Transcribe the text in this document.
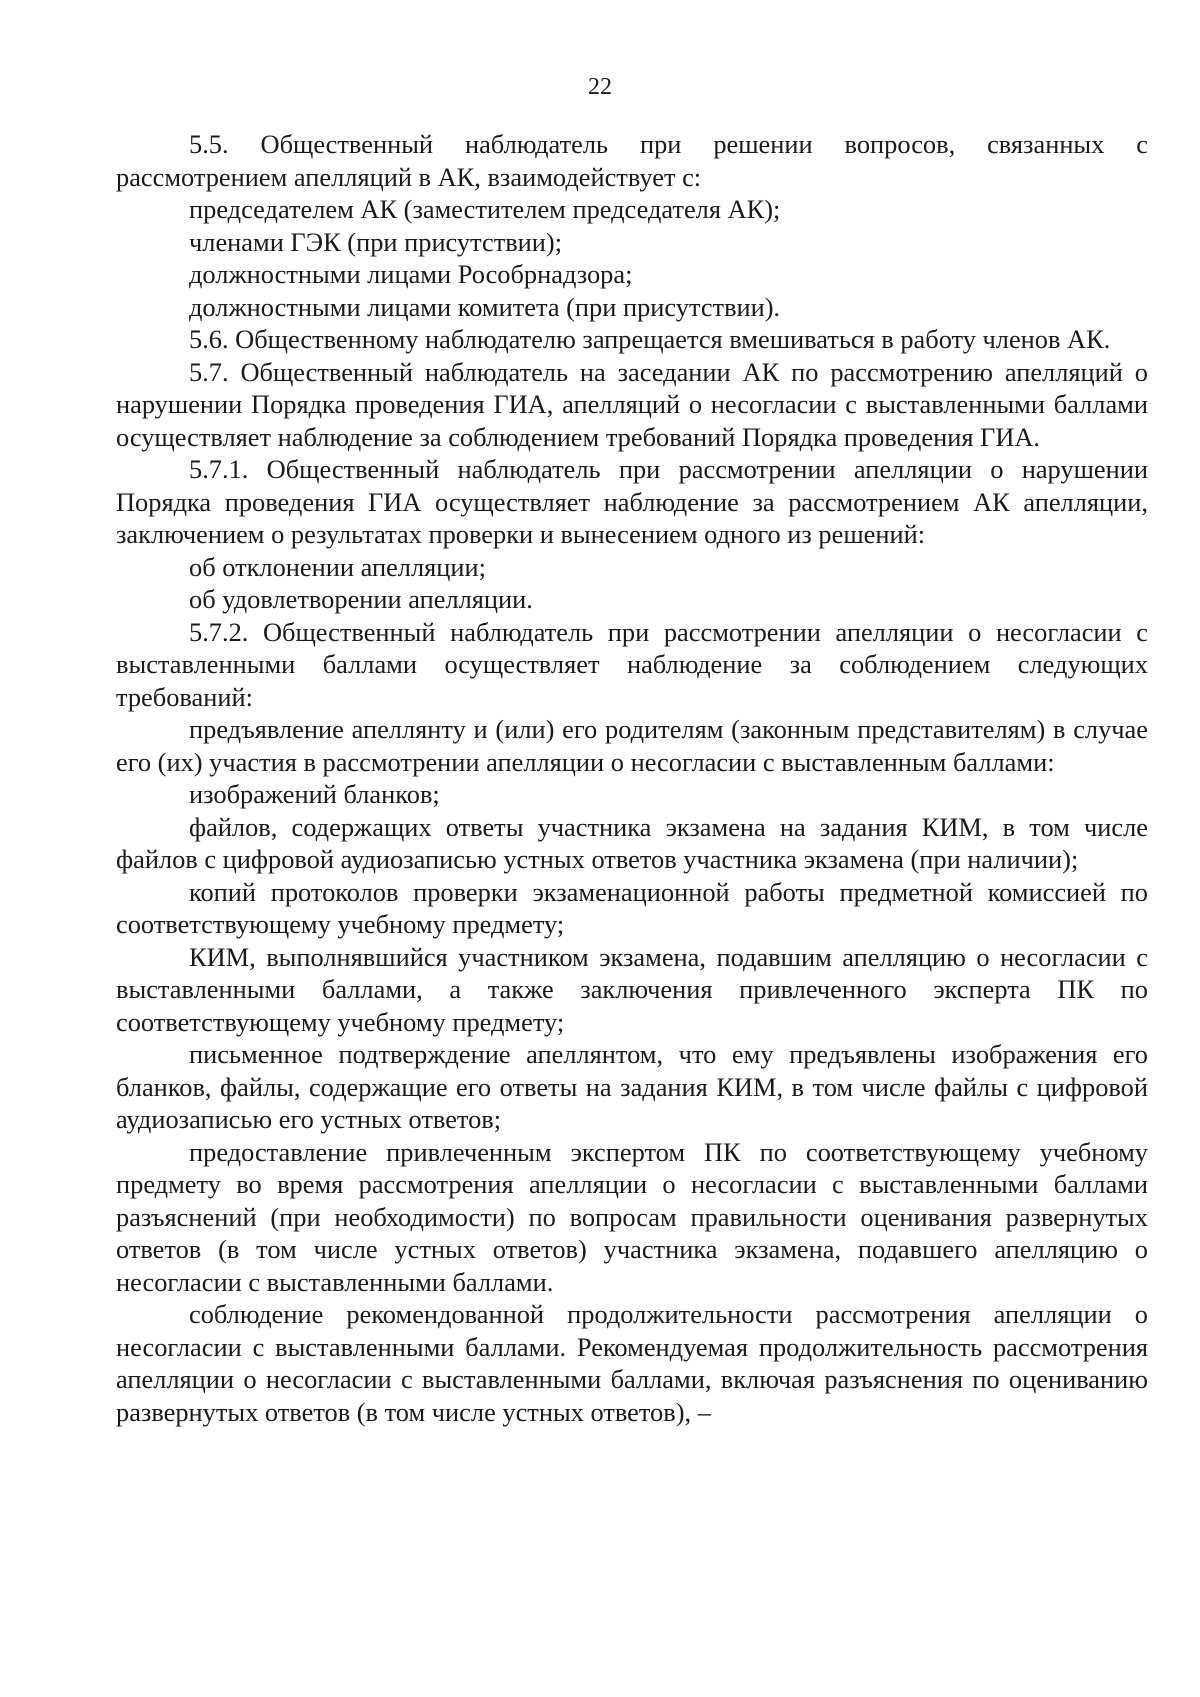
22

5.5. Общественный наблюдатель при решении вопросов, связанных с рассмотрением апелляций в АК, взаимодействует с:

председателем АК (заместителем председателя АК);

членами ГЭК (при присутствии);

должностными лицами Рособрнадзора;

должностными лицами комитета (при присутствии).

5.6. Общественному наблюдателю запрещается вмешиваться в работу членов АК.

5.7. Общественный наблюдатель на заседании АК по рассмотрению апелляций о нарушении Порядка проведения ГИА, апелляций о несогласии с выставленными баллами осуществляет наблюдение за соблюдением требований Порядка проведения ГИА.

5.7.1. Общественный наблюдатель при рассмотрении апелляции о нарушении Порядка проведения ГИА осуществляет наблюдение за рассмотрением АК апелляции, заключением о результатах проверки и вынесением одного из решений:

об отклонении апелляции;

об удовлетворении апелляции.

5.7.2. Общественный наблюдатель при рассмотрении апелляции о несогласии с выставленными баллами осуществляет наблюдение за соблюдением следующих требований:

предъявление апеллянту и (или) его родителям (законным представителям) в случае его (их) участия в рассмотрении апелляции о несогласии с выставленным баллами:

изображений бланков;

файлов, содержащих ответы участника экзамена на задания КИМ, в том числе файлов с цифровой аудиозаписью устных ответов участника экзамена (при наличии);

копий протоколов проверки экзаменационной работы предметной комиссией по соответствующему учебному предмету;

КИМ, выполнявшийся участником экзамена, подавшим апелляцию о несогласии с выставленными баллами, а также заключения привлеченного эксперта ПК по соответствующему учебному предмету;

письменное подтверждение апеллянтом, что ему предъявлены изображения его бланков, файлы, содержащие его ответы на задания КИМ, в том числе файлы с цифровой аудиозаписью его устных ответов;

предоставление привлеченным экспертом ПК по соответствующему учебному предмету во время рассмотрения апелляции о несогласии с выставленными баллами разъяснений (при необходимости) по вопросам правильности оценивания развернутых ответов (в том числе устных ответов) участника экзамена, подавшего апелляцию о несогласии с выставленными баллами.

соблюдение рекомендованной продолжительности рассмотрения апелляции о несогласии с выставленными баллами. Рекомендуемая продолжительность рассмотрения апелляции о несогласии с выставленными баллами, включая разъяснения по оцениванию развернутых ответов (в том числе устных ответов), –
